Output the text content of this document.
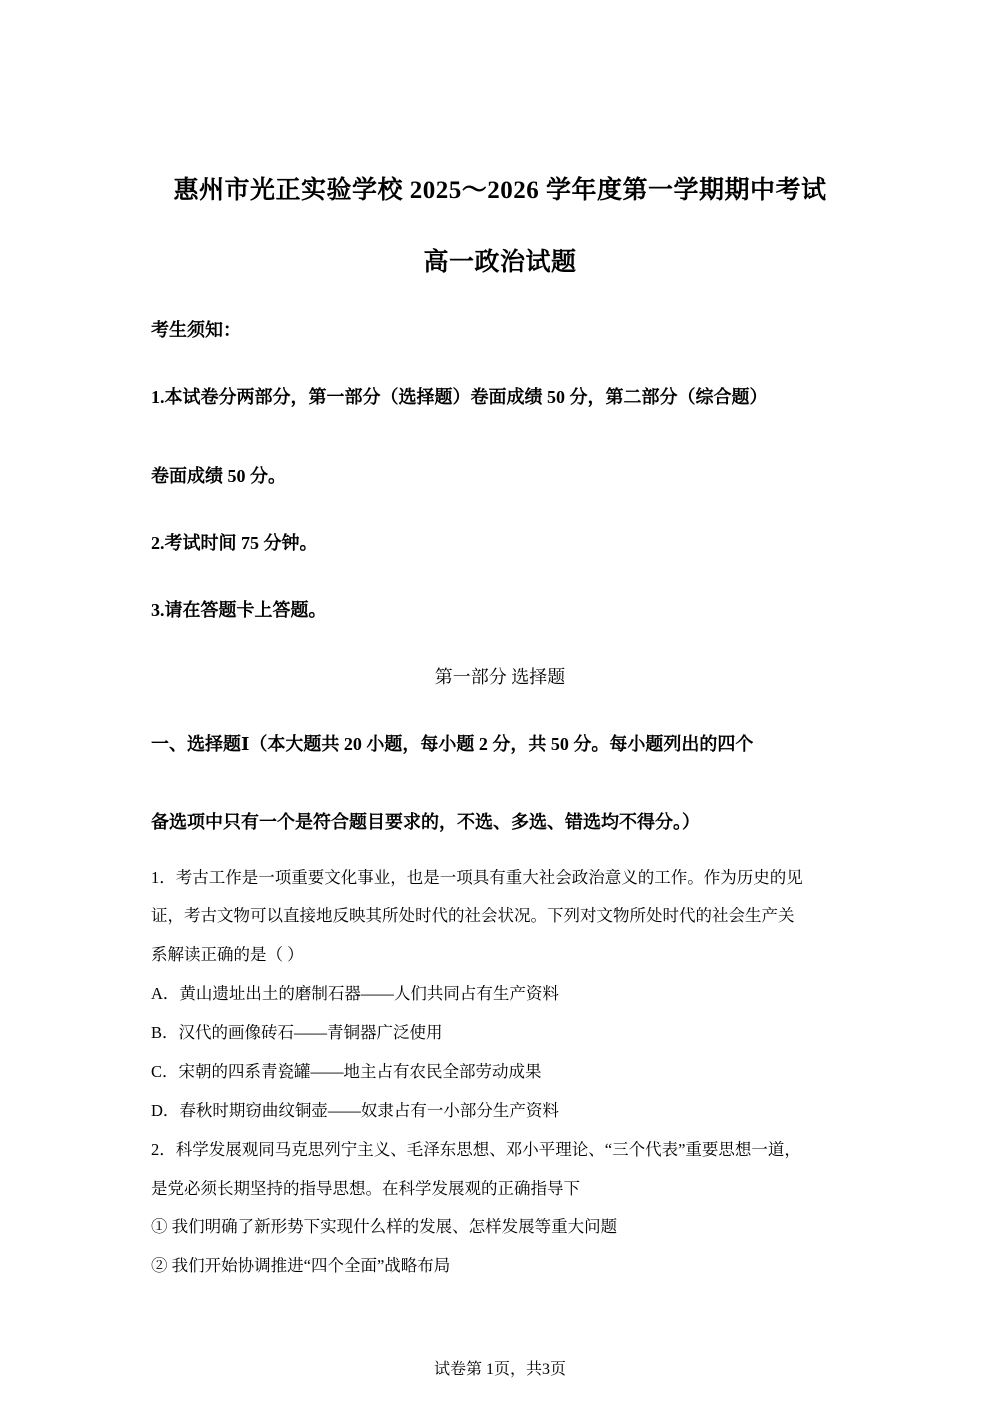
惠州市光正实验学校 2025～2026 学年度第一学期期中考试
高一政治试题
考生须知：
1.本试卷分两部分，第一部分（选择题）卷面成绩 50 分，第二部分（综合题）
卷面成绩 50 分。
2.考试时间 75 分钟。
3.请在答题卡上答题。
第一部分 选择题
一、选择题Ⅰ（本大题共 20 小题，每小题 2 分，共 50 分。每小题列出的四个
备选项中只有一个是符合题目要求的，不选、多选、错选均不得分。）
1．考古工作是一项重要文化事业，也是一项具有重大社会政治意义的工作。作为历史的见
证，考古文物可以直接地反映其所处时代的社会状况。下列对文物所处时代的社会生产关
系解读正确的是（ ）
A．黄山遗址出土的磨制石器——人们共同占有生产资料
B．汉代的画像砖石——青铜器广泛使用
C．宋朝的四系青瓷罐——地主占有农民全部劳动成果
D．春秋时期窃曲纹铜壶——奴隶占有一小部分生产资料
2．科学发展观同马克思列宁主义、毛泽东思想、邓小平理论、“三个代表”重要思想一道，
是党必须长期坚持的指导思想。在科学发展观的正确指导下
① 我们明确了新形势下实现什么样的发展、怎样发展等重大问题
② 我们开始协调推进“四个全面”战略布局
试卷第 1页，共3页
